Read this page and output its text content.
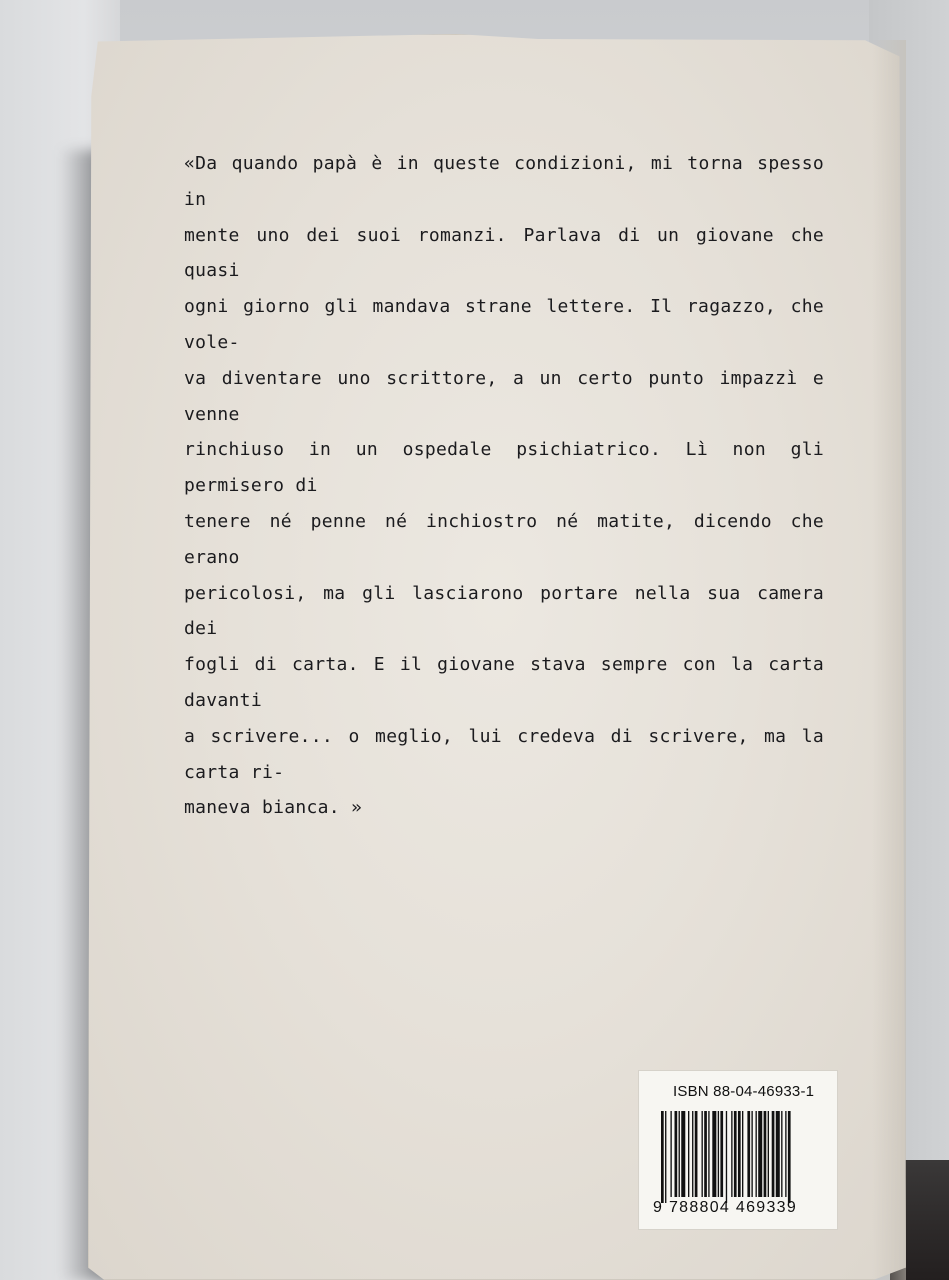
«Da quando papà è in queste condizioni, mi torna spesso in
mente uno dei suoi romanzi. Parlava di un giovane che quasi
ogni giorno gli mandava strane lettere. Il ragazzo, che vole-
va diventare uno scrittore, a un certo punto impazzì e venne
rinchiuso in un ospedale psichiatrico. Lì non gli permisero di
tenere né penne né inchiostro né matite, dicendo che erano
pericolosi, ma gli lasciarono portare nella sua camera dei
fogli di carta. E il giovane stava sempre con la carta davanti
a scrivere... o meglio, lui credeva di scrivere, ma la carta ri-
maneva bianca. »

ISBN 88-04-46933-1
9 788804 469339
